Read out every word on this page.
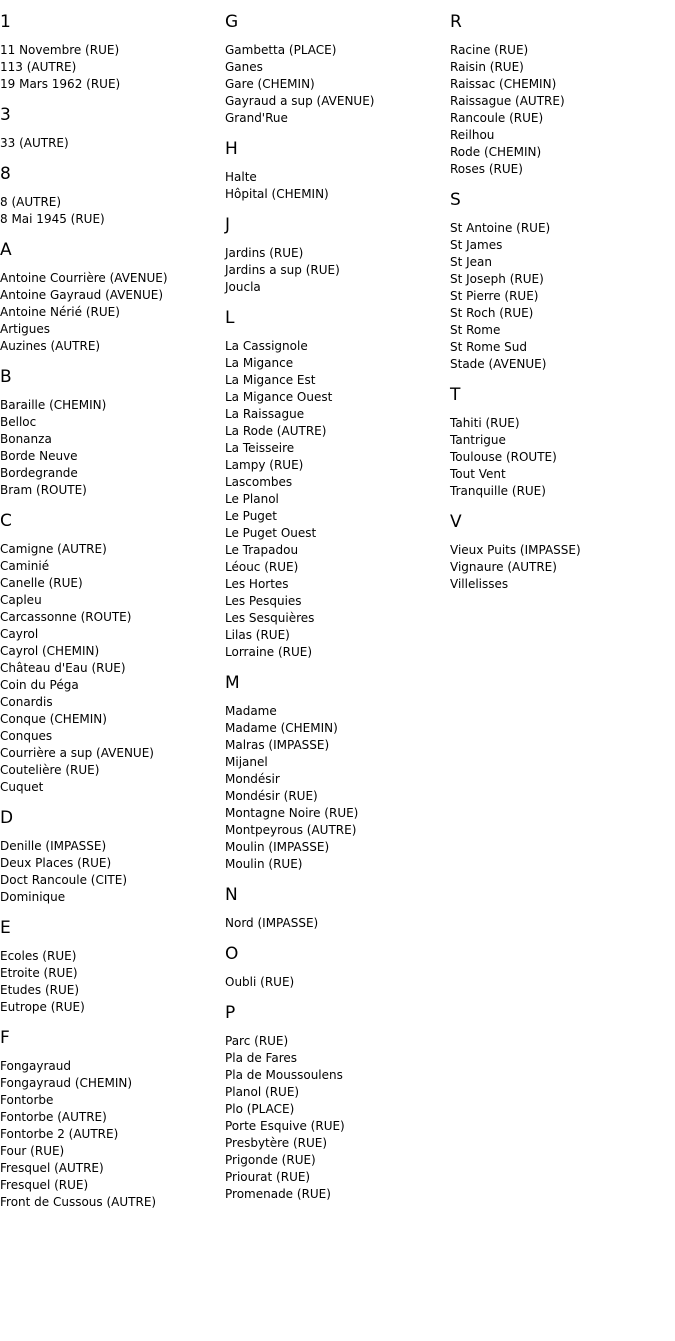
1
11 Novembre (RUE)
113 (AUTRE)
19 Mars 1962 (RUE)
3
33 (AUTRE)
8
8 (AUTRE)
8 Mai 1945 (RUE)
A
Antoine Courrière (AVENUE)
Antoine Gayraud (AVENUE)
Antoine Nérié (RUE)
Artigues
Auzines (AUTRE)
B
Baraille (CHEMIN)
Belloc
Bonanza
Borde Neuve
Bordegrande
Bram (ROUTE)
C
Camigne (AUTRE)
Caminié
Canelle (RUE)
Capleu
Carcassonne (ROUTE)
Cayrol
Cayrol (CHEMIN)
Château d'Eau (RUE)
Coin du Péga
Conardis
Conque (CHEMIN)
Conques
Courrière a sup (AVENUE)
Coutelière (RUE)
Cuquet
D
Denille (IMPASSE)
Deux Places (RUE)
Doct Rancoule (CITE)
Dominique
E
Ecoles (RUE)
Etroite (RUE)
Etudes (RUE)
Eutrope (RUE)
F
Fongayraud
Fongayraud (CHEMIN)
Fontorbe
Fontorbe (AUTRE)
Fontorbe 2 (AUTRE)
Four (RUE)
Fresquel (AUTRE)
Fresquel (RUE)
Front de Cussous (AUTRE)
G
Gambetta (PLACE)
Ganes
Gare (CHEMIN)
Gayraud a sup (AVENUE)
Grand'Rue
H
Halte
Hôpital (CHEMIN)
J
Jardins (RUE)
Jardins a sup (RUE)
Joucla
L
La Cassignole
La Migance
La Migance Est
La Migance Ouest
La Raissague
La Rode (AUTRE)
La Teisseire
Lampy (RUE)
Lascombes
Le Planol
Le Puget
Le Puget Ouest
Le Trapadou
Léouc (RUE)
Les Hortes
Les Pesquies
Les Sesquières
Lilas (RUE)
Lorraine (RUE)
M
Madame
Madame (CHEMIN)
Malras (IMPASSE)
Mijanel
Mondésir
Mondésir (RUE)
Montagne Noire (RUE)
Montpeyrous (AUTRE)
Moulin (IMPASSE)
Moulin (RUE)
N
Nord (IMPASSE)
O
Oubli (RUE)
P
Parc (RUE)
Pla de Fares
Pla de Moussoulens
Planol (RUE)
Plo (PLACE)
Porte Esquive (RUE)
Presbytère (RUE)
Prigonde (RUE)
Priourat (RUE)
Promenade (RUE)
R
Racine (RUE)
Raisin (RUE)
Raissac (CHEMIN)
Raissague (AUTRE)
Rancoule (RUE)
Reilhou
Rode (CHEMIN)
Roses (RUE)
S
St Antoine (RUE)
St James
St Jean
St Joseph (RUE)
St Pierre (RUE)
St Roch (RUE)
St Rome
St Rome Sud
Stade (AVENUE)
T
Tahiti (RUE)
Tantrigue
Toulouse (ROUTE)
Tout Vent
Tranquille (RUE)
V
Vieux Puits (IMPASSE)
Vignaure (AUTRE)
Villelisses
